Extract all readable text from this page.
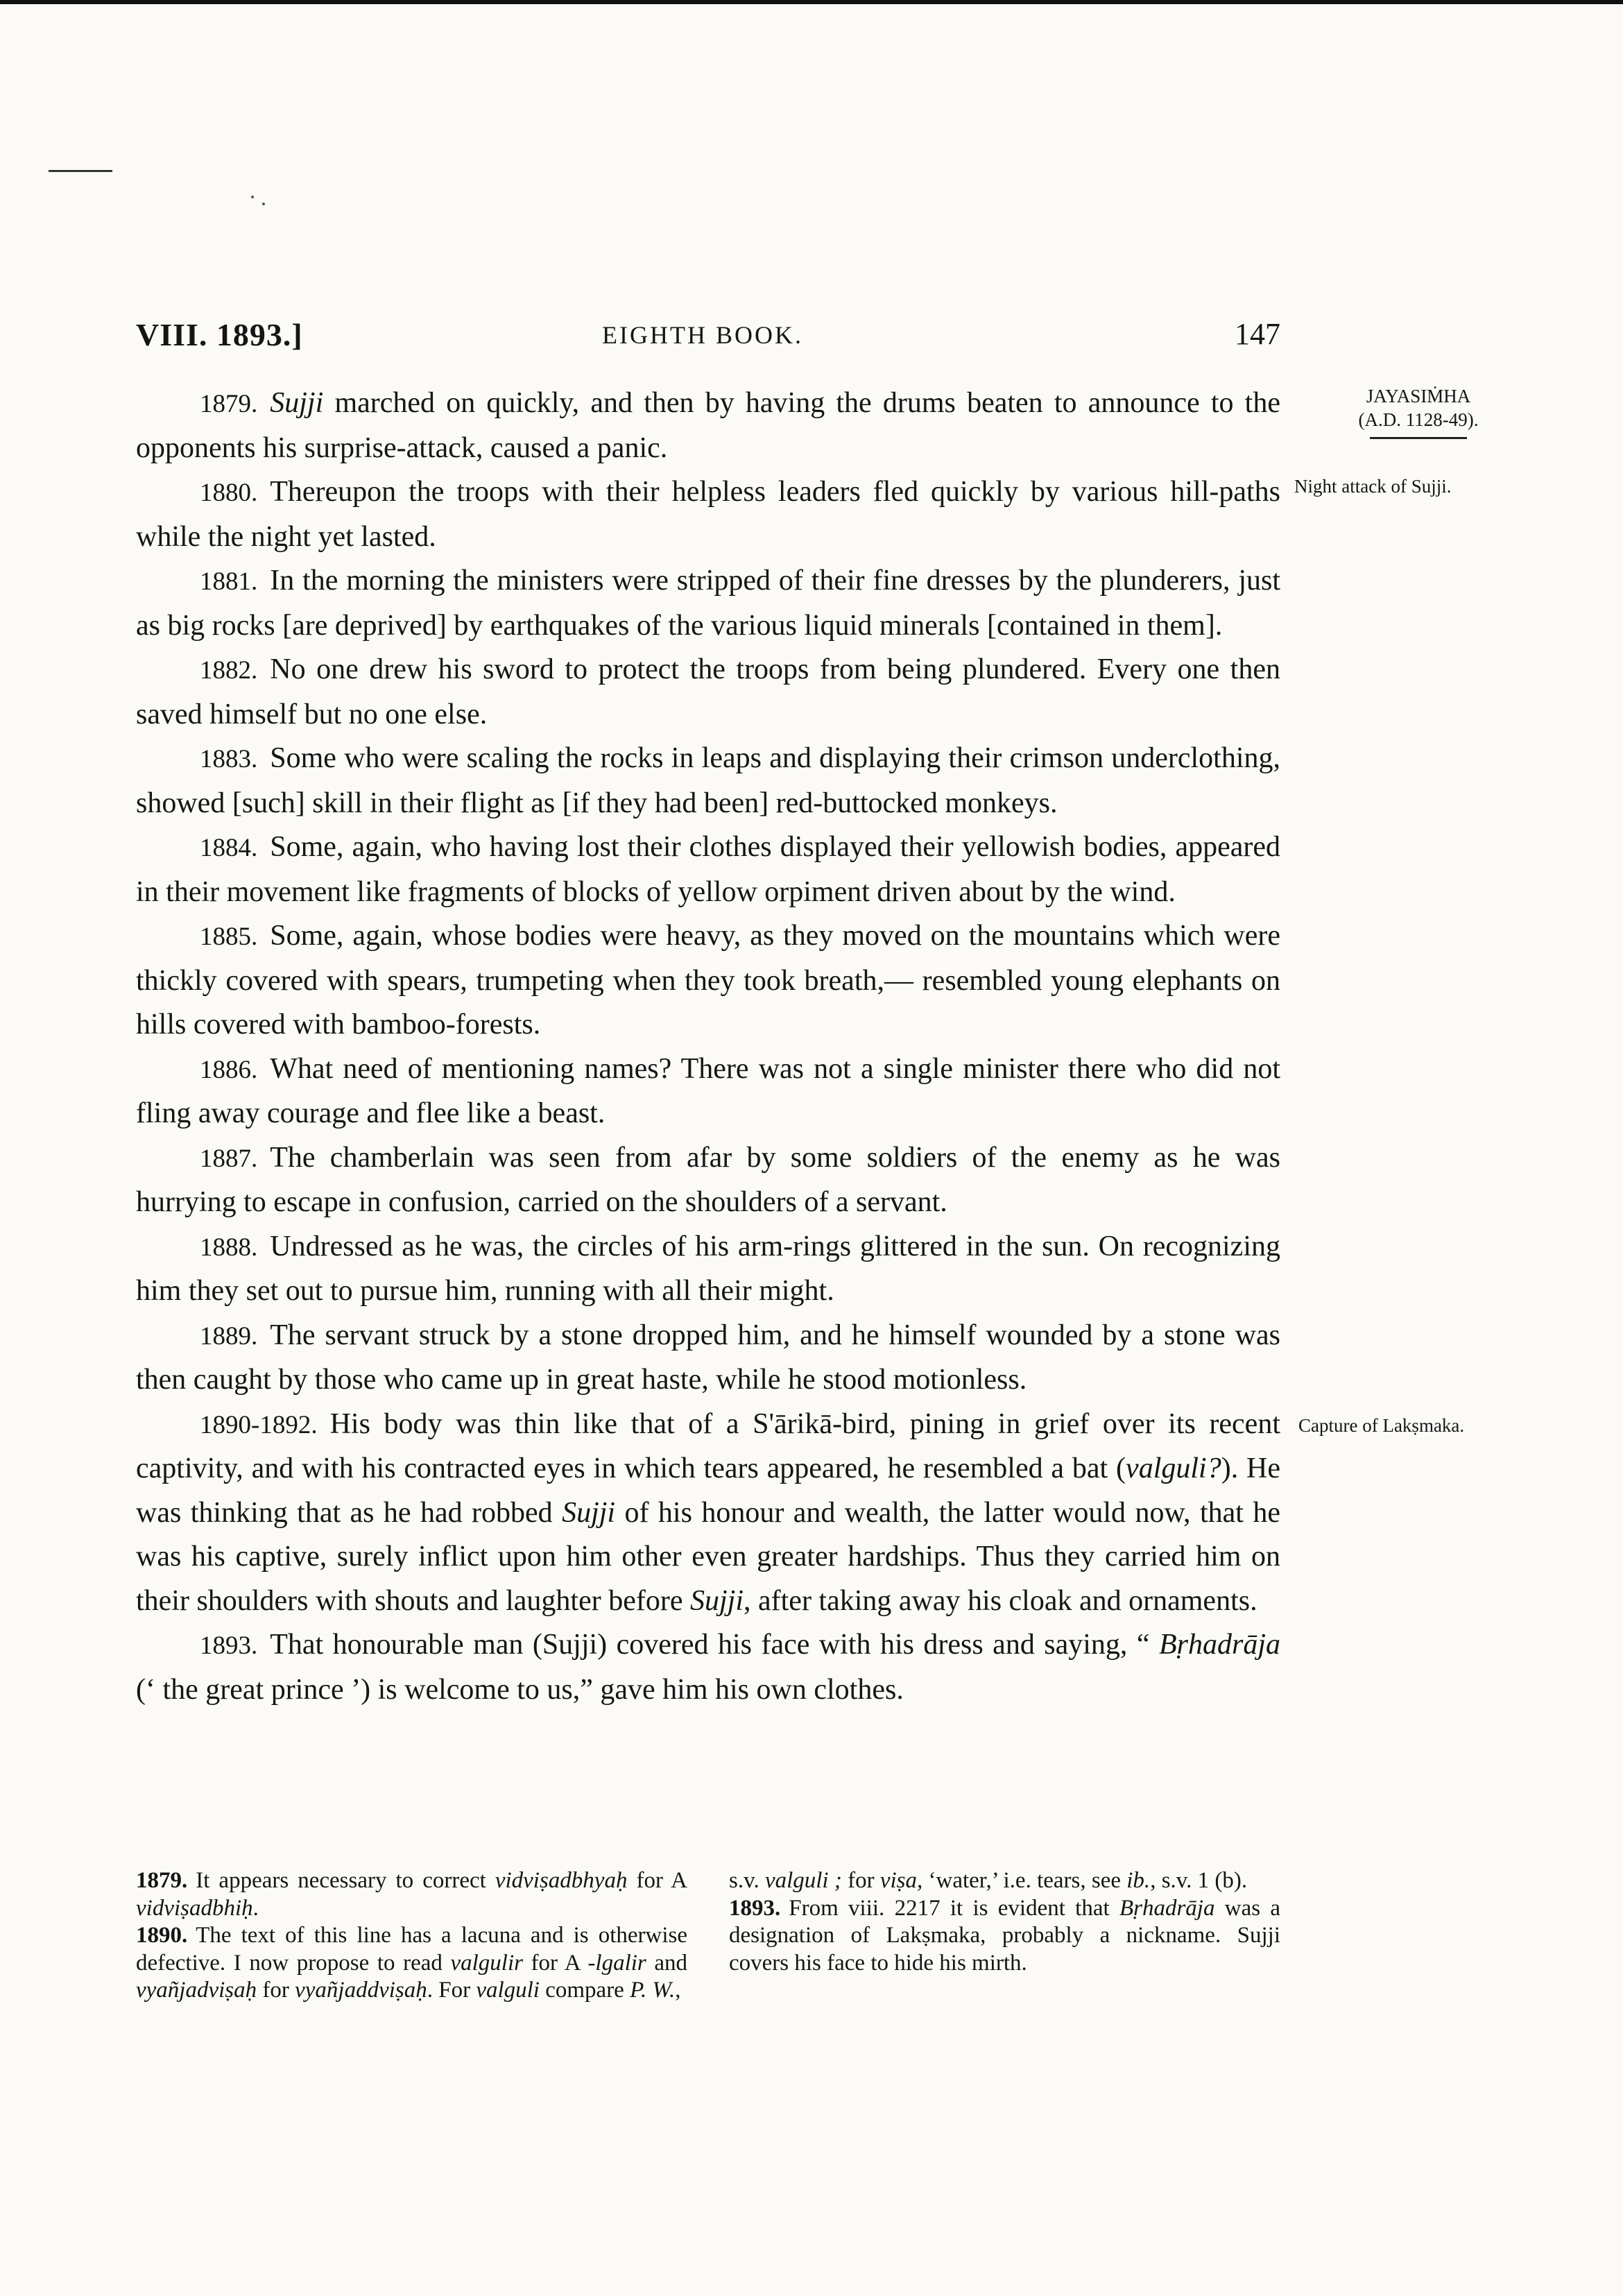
VIII. 1893.]	EIGHTH BOOK.	147
JAYASIṀHA
(A.D. 1128-49).
Night attack of Sujji.
Capture of Lakṣmaka.

1879. Sujji marched on quickly, and then by having the drums beaten to announce to the opponents his surprise-attack, caused a panic.

1880. Thereupon the troops with their helpless leaders fled quickly by various hill-paths while the night yet lasted.

1881. In the morning the ministers were stripped of their fine dresses by the plunderers, just as big rocks [are deprived] by earthquakes of the various liquid minerals [contained in them].

1882. No one drew his sword to protect the troops from being plundered. Every one then saved himself but no one else.

1883. Some who were scaling the rocks in leaps and displaying their crimson underclothing, showed [such] skill in their flight as [if they had been] red-buttocked monkeys.

1884. Some, again, who having lost their clothes displayed their yellowish bodies, appeared in their movement like fragments of blocks of yellow orpiment driven about by the wind.

1885. Some, again, whose bodies were heavy, as they moved on the mountains which were thickly covered with spears, trumpeting when they took breath,— resembled young elephants on hills covered with bamboo-forests.

1886. What need of mentioning names? There was not a single minister there who did not fling away courage and flee like a beast.

1887. The chamberlain was seen from afar by some soldiers of the enemy as he was hurrying to escape in confusion, carried on the shoulders of a servant.

1888. Undressed as he was, the circles of his arm-rings glittered in the sun. On recognizing him they set out to pursue him, running with all their might.

1889. The servant struck by a stone dropped him, and he himself wounded by a stone was then caught by those who came up in great haste, while he stood motionless.

1890-1892. His body was thin like that of a S'ārikā-bird, pining in grief over its recent captivity, and with his contracted eyes in which tears appeared, he resembled a bat (valguli?). He was thinking that as he had robbed Sujji of his honour and wealth, the latter would now, that he was his captive, surely inflict upon him other even greater hardships. Thus they carried him on their shoulders with shouts and laughter before Sujji, after taking away his cloak and ornaments.

1893. That honourable man (Sujji) covered his face with his dress and saying, “ Bṛhadrāja (‘ the great prince ’) is welcome to us,” gave him his own clothes.

1879. It appears necessary to correct vidviṣadbhyaḥ for A vidviṣadbhiḥ.

1890. The text of this line has a lacuna and is otherwise defective. I now propose to read valgulir for A -lgalir and vyañjadviṣaḥ for vyañjaddviṣaḥ. For valguli compare P. W.,

s.v. valguli ; for viṣa, ‘water,’ i.e. tears, see ib., s.v. 1 (b).

1893. From viii. 2217 it is evident that Bṛhadrāja was a designation of Lakṣmaka, probably a nickname. Sujji covers his face to hide his mirth.
